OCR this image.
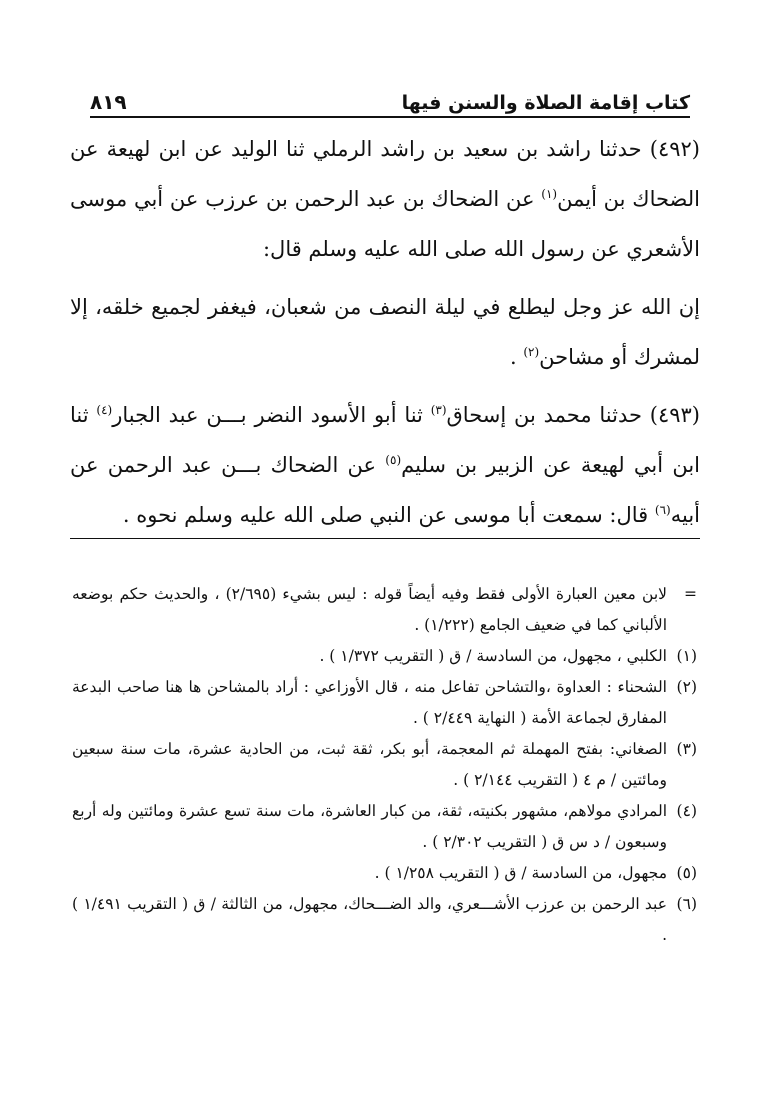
كتاب إقامة الصلاة والسنن فيها
٨١٩

(٤٩٢) حدثنا راشد بن سعيد بن راشد الرملي ثنا الوليد عن ابن لهيعة عن الضحاك بن أيمن$^{(١)}$ عن الضحاك بن عبد الرحمن بن عرزب عن أبي موسى الأشعري عن رسول الله صلى الله عليه وسلم قال:

إن الله عز وجل ليطلع في ليلة النصف من شعبان، فيغفر لجميع خلقه، إلا لمشرك أو مشاحن$^{(٢)}$ .

(٤٩٣) حدثنا محمد بن إسحاق$^{(٣)}$ ثنا أبو الأسود النضر بـــن عبد الجبار$^{(٤)}$ ثنا ابن أبي لهيعة عن الزبير بن سليم$^{(٥)}$ عن الضحاك بـــن عبد الرحمن عن أبيه$^{(٦)}$ قال: سمعت أبا موسى عن النبي صلى الله عليه وسلم نحوه .

=
لابن معين العبارة الأولى فقط وفيه أيضاً قوله : ليس بشيء (٢/٦٩٥) ، والحديث حكم بوضعه الألباني كما في ضعيف الجامع (١/٢٢٢) .
(١)
الكلبي ، مجهول، من السادسة / ق ( التقريب ١/٣٧٢ ) .
(٢)
الشحناء : العداوة ،والتشاحن تفاعل منه ، قال الأوزاعي : أراد بالمشاحن ها هنا صاحب البدعة المفارق لجماعة الأمة ( النهاية ٢/٤٤٩ ) .
(٣)
الصغاني: بفتح المهملة ثم المعجمة، أبو بكر، ثقة ثبت، من الحادية عشرة، مات سنة سبعين ومائتين / م ٤ ( التقريب ٢/١٤٤ ) .
(٤)
المرادي مولاهم، مشهور بكنيته، ثقة، من كبار العاشرة، مات سنة تسع عشرة ومائتين وله أربع وسبعون / د س ق ( التقريب ٢/٣٠٢ ) .
(٥)
مجهول، من السادسة / ق ( التقريب ١/٢٥٨ ) .
(٦)
عبد الرحمن بن عرزب الأشـــعري، والد الضـــحاك، مجهول، من الثالثة / ق ( التقريب ١/٤٩١ ) .
